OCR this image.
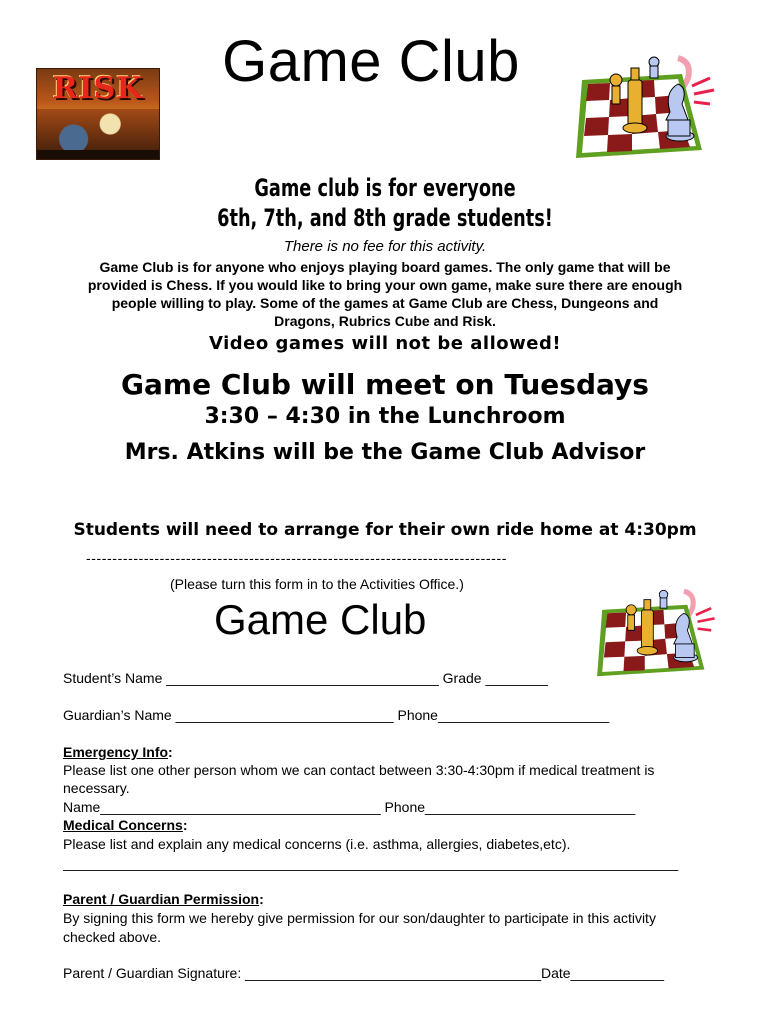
Game Club
RISK
Game club is for everyone
6th, 7th, and 8th grade students!
There is no fee for this activity.
Game Club is for anyone who enjoys playing board games. The only game that will be
provided is Chess. If you would like to bring your own game, make sure there are enough
people willing to play. Some of the games at Game Club are Chess, Dungeons and
Dragons, Rubrics Cube and Risk.
Video games will not be allowed!
Game Club will meet on Tuesdays
3:30 – 4:30 in the Lunchroom
Mrs. Atkins will be the Game Club Advisor
Students will need to arrange for their own ride home at 4:30pm
--------------------------------------------------------------------------------
(Please turn this form in to the Activities Office.)
Game Club
Student’s Name ___________________________________ Grade ________
Guardian’s Name ____________________________ Phone______________________
Emergency Info:
Please list one other person whom we can contact between 3:30-4:30pm if medical treatment is
necessary.
Name____________________________________ Phone___________________________
Medical Concerns:
Please list and explain any medical concerns (i.e. asthma, allergies, diabetes,etc).
_______________________________________________________________________________
Parent / Guardian Permission:
By signing this form we hereby give permission for our son/daughter to participate in this activity
checked above.
Parent / Guardian Signature: ______________________________________Date____________
